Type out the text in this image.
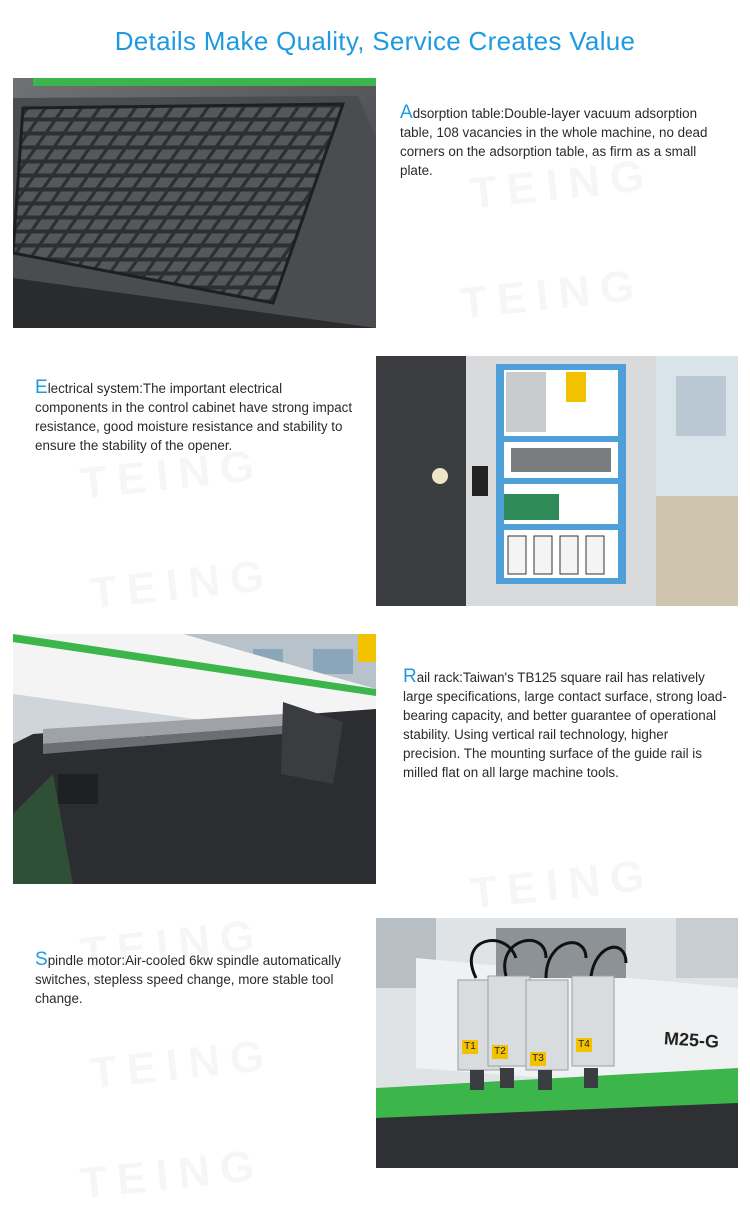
Details Make Quality, Service Creates Value
Adsorption table:Double-layer vacuum adsorption table, 108 vacancies in the whole machine, no dead corners on the adsorption table, as firm as a small plate.
Electrical system:The important electrical components in the control cabinet have strong impact resistance, good moisture resistance and stability to ensure the stability of the opener.
Rail rack:Taiwan's TB125 square rail has relatively large specifications, large contact surface, strong load-bearing capacity, and better guarantee of operational stability. Using vertical rail technology, higher precision. The mounting surface of the guide rail is milled flat on all large machine tools.
Spindle motor:Air-cooled 6kw spindle automatically switches, stepless speed change, more stable tool change.
T1 T2
T3
T4	M25-G
